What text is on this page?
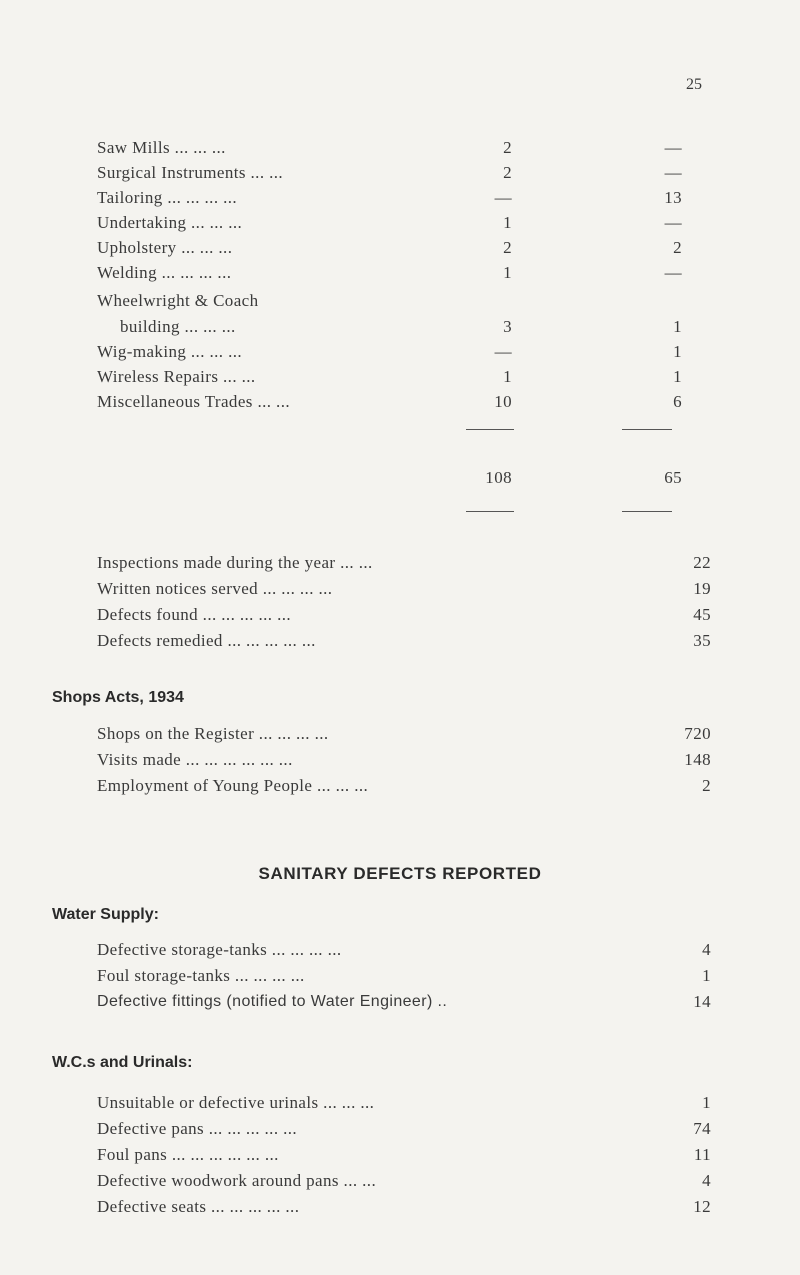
25
Saw Mills ... ... ...	2	—
Surgical Instruments ... ...	2	—
Tailoring ... ... ... ...	—	13
Undertaking ... ... ...	1	—
Upholstery ... ... ...	2	2
Welding ... ... ... ...	1	—
Wheelwright & Coach
building ... ... ...	3	1
Wig-making ... ... ...	—	1
Wireless Repairs ... ...	1	1
Miscellaneous Trades ... ...	10	6
108	65
Inspections made during the year ... ...	22
Written notices served ... ... ... ...	19
Defects found ... ... ... ... ...	45
Defects remedied ... ... ... ... ...	35
Shops Acts, 1934
Shops on the Register ... ... ... ...	720
Visits made ... ... ... ... ... ...	148
Employment of Young People ... ... ...	2
SANITARY DEFECTS REPORTED
Water Supply:
Defective storage-tanks ... ... ... ...	4
Foul storage-tanks ... ... ... ...	1
Defective fittings (notified to Water Engineer) ..	14
W.C.s and Urinals:
Unsuitable or defective urinals ... ... ...	1
Defective pans ... ... ... ... ...	74
Foul pans ... ... ... ... ... ...	11
Defective woodwork around pans ... ...	4
Defective seats ... ... ... ... ...	12
